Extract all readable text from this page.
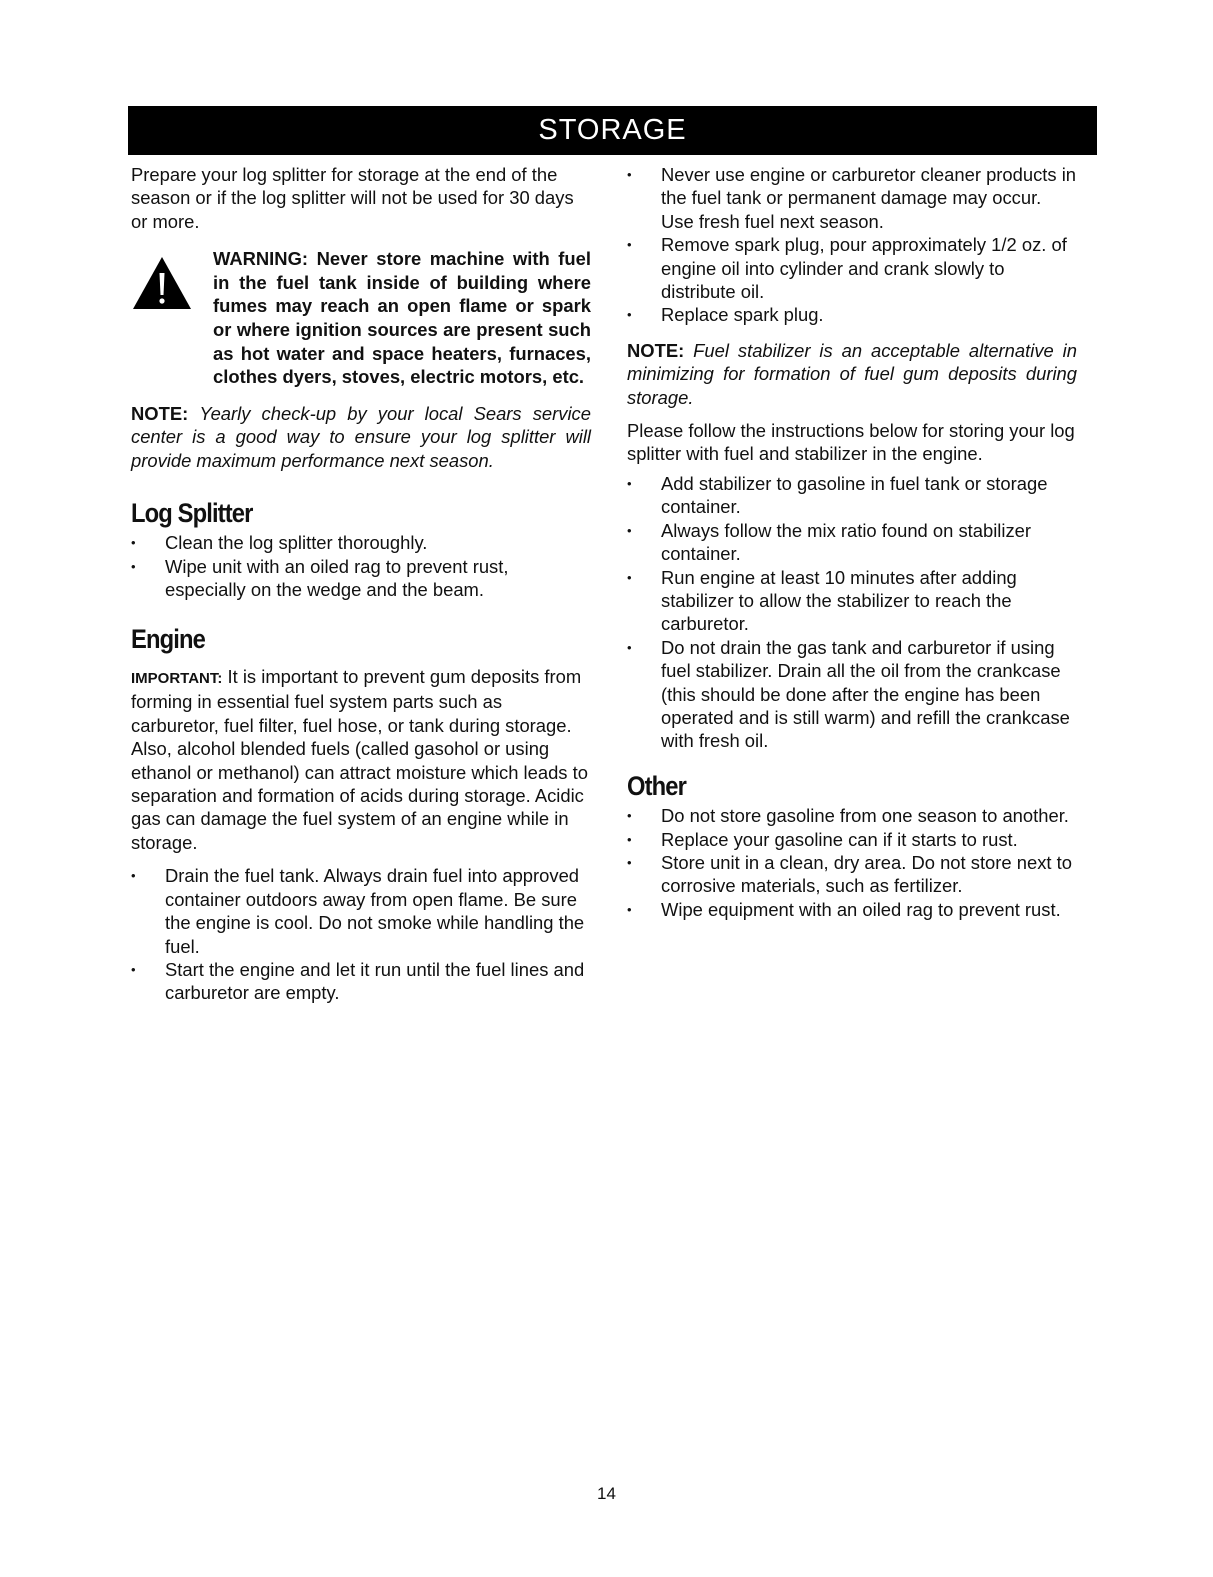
STORAGE

Prepare your log splitter for storage at the end of the season or if the log splitter will not be used for 30 days or more.

WARNING: Never store machine with fuel in the fuel tank inside of building where fumes may reach an open flame or spark or where ignition sources are present such as hot water and space heaters, furnaces, clothes dyers, stoves, electric motors, etc.

NOTE: Yearly check-up by your local Sears service center is a good way to ensure your log splitter will provide maximum performance next season.

Log Splitter
• Clean the log splitter thoroughly.
• Wipe unit with an oiled rag to prevent rust, especially on the wedge and the beam.
Engine

IMPORTANT: It is important to prevent gum deposits from forming in essential fuel system parts such as carburetor, fuel filter, fuel hose, or tank during storage. Also, alcohol blended fuels (called gasohol or using ethanol or methanol) can attract moisture which leads to separation and formation of acids during storage. Acidic gas can damage the fuel system of an engine while in storage.

• Drain the fuel tank. Always drain fuel into approved container outdoors away from open flame. Be sure the engine is cool. Do not smoke while handling the fuel.
• Start the engine and let it run until the fuel lines and carburetor are empty.
• Never use engine or carburetor cleaner products in the fuel tank or permanent damage may occur. Use fresh fuel next season.
• Remove spark plug, pour approximately 1/2 oz. of engine oil into cylinder and crank slowly to distribute oil.
• Replace spark plug.

NOTE: Fuel stabilizer is an acceptable alternative in minimizing for formation of fuel gum deposits during storage.

Please follow the instructions below for storing your log splitter with fuel and stabilizer in the engine.

• Add stabilizer to gasoline in fuel tank or storage container.
• Always follow the mix ratio found on stabilizer container.
• Run engine at least 10 minutes after adding stabilizer to allow the stabilizer to reach the carburetor.
• Do not drain the gas tank and carburetor if using fuel stabilizer. Drain all the oil from the crankcase (this should be done after the engine has been operated and is still warm) and refill the crankcase with fresh oil.
Other
• Do not store gasoline from one season to another.
• Replace your gasoline can if it starts to rust.
• Store unit in a clean, dry area. Do not store next to corrosive materials, such as fertilizer.
• Wipe equipment with an oiled rag to prevent rust.
14
